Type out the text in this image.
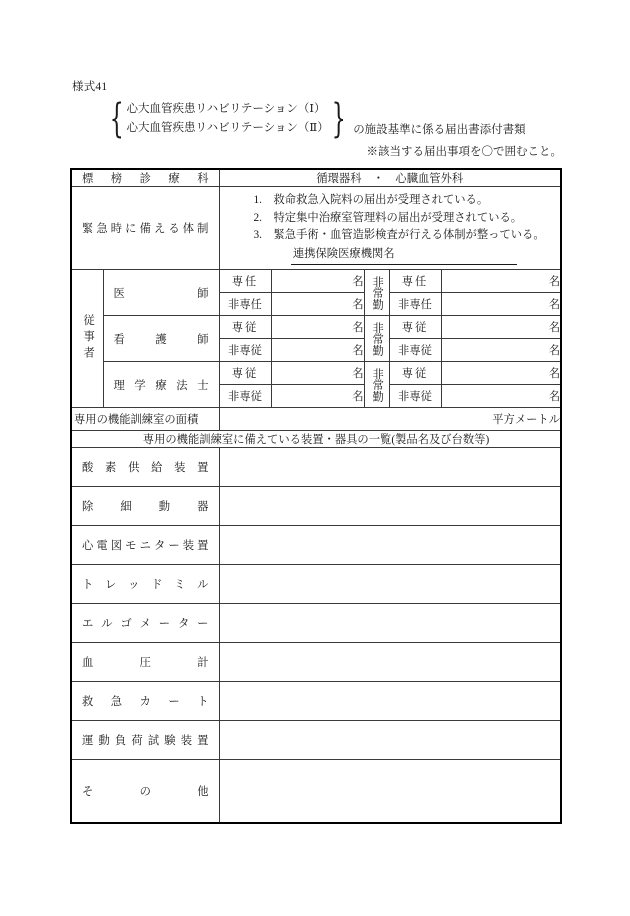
様式41
{ 心大血管疾患リハビリテーション（Ⅰ）
心大血管疾患リハビリテーション（Ⅱ） } の施設基準に係る届出書添付書類
※該当する届出事項を〇で囲むこと。
標 榜 診 療 科		循環器科　・　心臓血管外科				

緊 急 時 に 備 え る 体 制

1. 救命救急入院料の届出が受理されている。
2. 特定集中治療室管理料の届出が受理されている。
3. 緊急手術・血管造影検査が行える体制が整っている。
連携保険医療機関名

従事者	医 師	専任	名	非常勤	専任	名
		非専任	名		非専任	名

	看 護 師	専従	名	非常勤	専従	名
		非専従	名		非専従	名

	理 学 療 法 士	専従	名	非常勤	専従	名
		非専従	名		非専従	名

専用の機能訓練室の面積		平方メートル				
専用の機能訓練室に備えている装置・器具の一覧(製品名及び台数等)						

酸 素 供 給 装 置

除 細 動 器						

心 電 図 モ ニ タ ー 装 置

ト レ ッ ド ミ ル

エ ル ゴ メ ー タ ー

血 圧 計						

救 急 カ ー ト						

運 動 負 荷 試 験 装 置

そ の 他						
